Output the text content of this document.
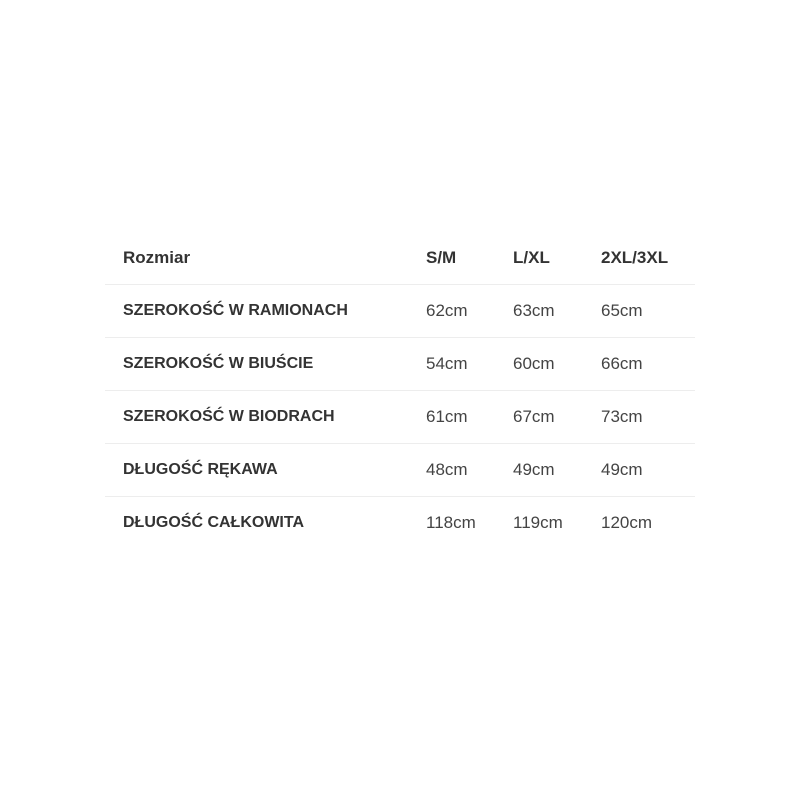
Rozmiar	S/M	L/XL	2XL/3XL
SZEROKOŚĆ W RAMIONACH	62cm	63cm	65cm
SZEROKOŚĆ W BIUŚCIE	54cm	60cm	66cm
SZEROKOŚĆ W BIODRACH	61cm	67cm	73cm
DŁUGOŚĆ RĘKAWA	48cm	49cm	49cm
DŁUGOŚĆ CAŁKOWITA	118cm	119cm	120cm
